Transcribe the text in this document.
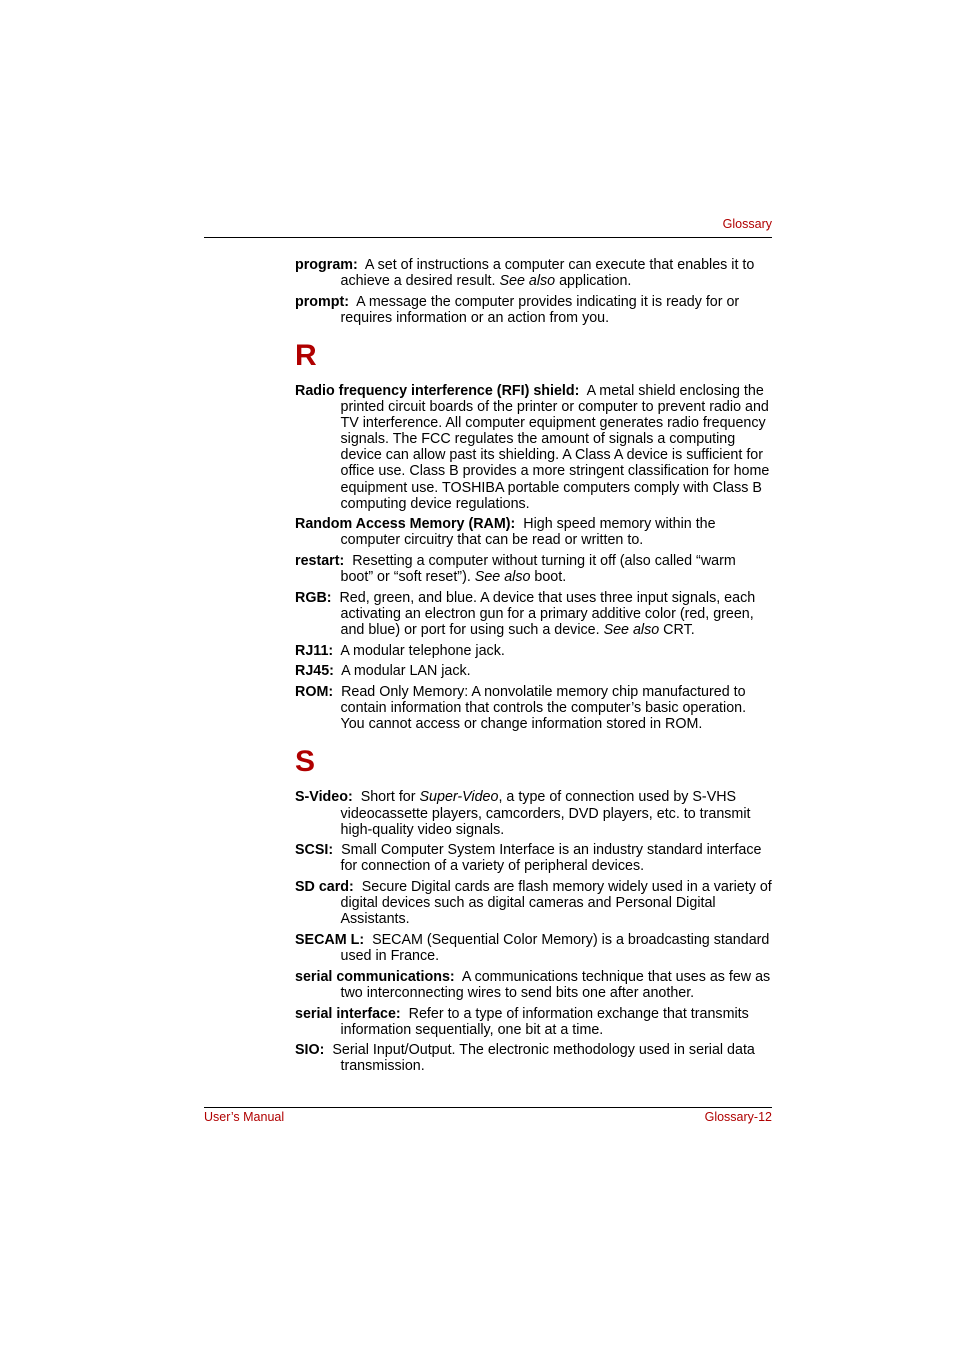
Glossary

program: A set of instructions a computer can execute that enables it to achieve a desired result. See also application.

prompt: A message the computer provides indicating it is ready for or requires information or an action from you.

R

Radio frequency interference (RFI) shield: A metal shield enclosing the printed circuit boards of the printer or computer to prevent radio and TV interference. All computer equipment generates radio frequency signals. The FCC regulates the amount of signals a computing device can allow past its shielding. A Class A device is sufficient for office use. Class B provides a more stringent classification for home equipment use. TOSHIBA portable computers comply with Class B computing device regulations.

Random Access Memory (RAM): High speed memory within the computer circuitry that can be read or written to.

restart: Resetting a computer without turning it off (also called “warm boot” or “soft reset”). See also boot.

RGB: Red, green, and blue. A device that uses three input signals, each activating an electron gun for a primary additive color (red, green, and blue) or port for using such a device. See also CRT.

RJ11: A modular telephone jack.

RJ45: A modular LAN jack.

ROM: Read Only Memory: A nonvolatile memory chip manufactured to contain information that controls the computer’s basic operation. You cannot access or change information stored in ROM.

S

S-Video: Short for Super-Video, a type of connection used by S-VHS videocassette players, camcorders, DVD players, etc. to transmit high-quality video signals.

SCSI: Small Computer System Interface is an industry standard interface for connection of a variety of peripheral devices.

SD card: Secure Digital cards are flash memory widely used in a variety of digital devices such as digital cameras and Personal Digital Assistants.

SECAM L: SECAM (Sequential Color Memory) is a broadcasting standard used in France.

serial communications: A communications technique that uses as few as two interconnecting wires to send bits one after another.

serial interface: Refer to a type of information exchange that transmits information sequentially, one bit at a time.

SIO: Serial Input/Output. The electronic methodology used in serial data transmission.

User’s Manual	Glossary-12
